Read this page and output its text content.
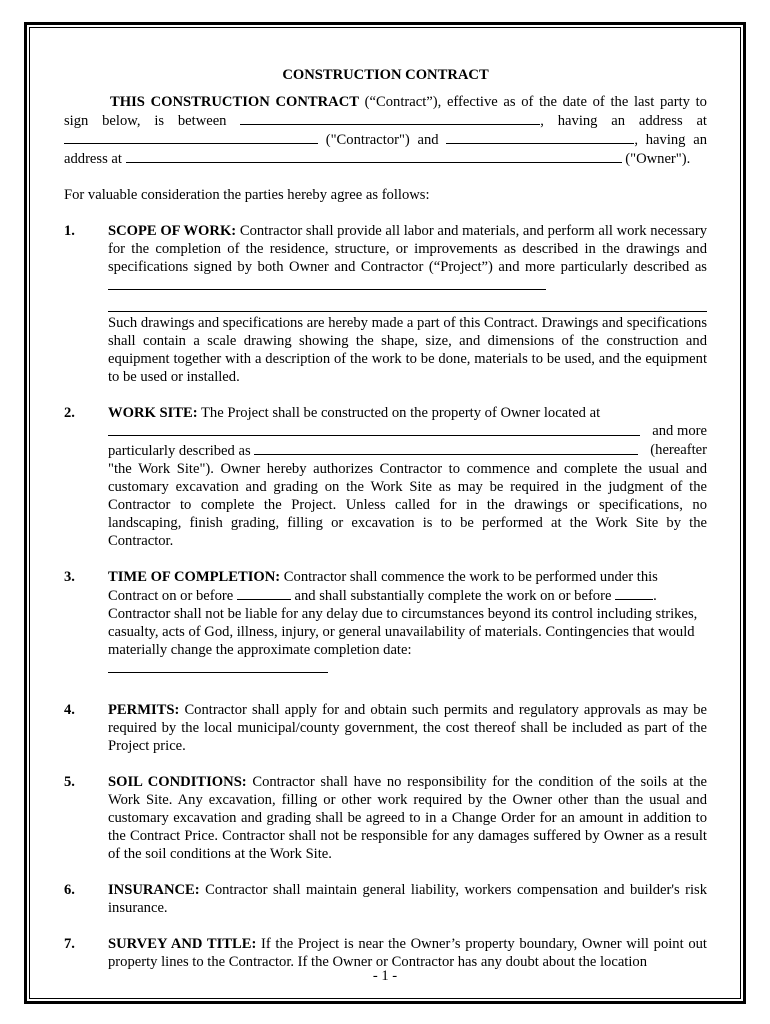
CONSTRUCTION CONTRACT

THIS CONSTRUCTION CONTRACT (“Contract”), effective as of the date of the last party to sign below, is between	, having an address at  ("Contractor") and	, having an address at	("Owner").

For valuable consideration the parties hereby agree as follows:

1. SCOPE OF WORK: Contractor shall provide all labor and materials, and perform all work necessary for the completion of the residence, structure, or improvements as described in the drawings and specifications signed by both Owner and Contractor (“Project”) and more particularly described as

Such drawings and specifications are hereby made a part of this Contract. Drawings and specifications shall contain a scale drawing showing the shape, size, and dimensions of the construction and equipment together with a description of the work to be done, materials to be used, and the equipment to be used or installed.

2. WORK SITE: The Project shall be constructed on the property of Owner located at

and more

particularly described as	(hereafter

"the Work Site"). Owner hereby authorizes Contractor to commence and complete the usual and customary excavation and grading on the Work Site as may be required in the judgment of the Contractor to complete the Project. Unless called for in the drawings or specifications, no landscaping, finish grading, filling or excavation is to be performed at the Work Site by the Contractor.

3. TIME OF COMPLETION: Contractor shall commence the work to be performed under this Contract on or before	and shall substantially complete the work on or before	. Contractor shall not be liable for any delay due to circumstances beyond its control including strikes, casualty, acts of God, illness, injury, or general unavailability of materials. Contingencies that would materially change the approximate completion date:

4. PERMITS: Contractor shall apply for and obtain such permits and regulatory approvals as may be required by the local municipal/county government, the cost thereof shall be included as part of the Project price.

5. SOIL CONDITIONS: Contractor shall have no responsibility for the condition of the soils at the Work Site. Any excavation, filling or other work required by the Owner other than the usual and customary excavation and grading shall be agreed to in a Change Order for an amount in addition to the Contract Price. Contractor shall not be responsible for any damages suffered by Owner as a result of the soil conditions at the Work Site.

6. INSURANCE: Contractor shall maintain general liability, workers compensation and builder's risk insurance.

7. SURVEY AND TITLE: If the Project is near the Owner’s property boundary, Owner will point out property lines to the Contractor. If the Owner or Contractor has any doubt about the location

- 1 -
